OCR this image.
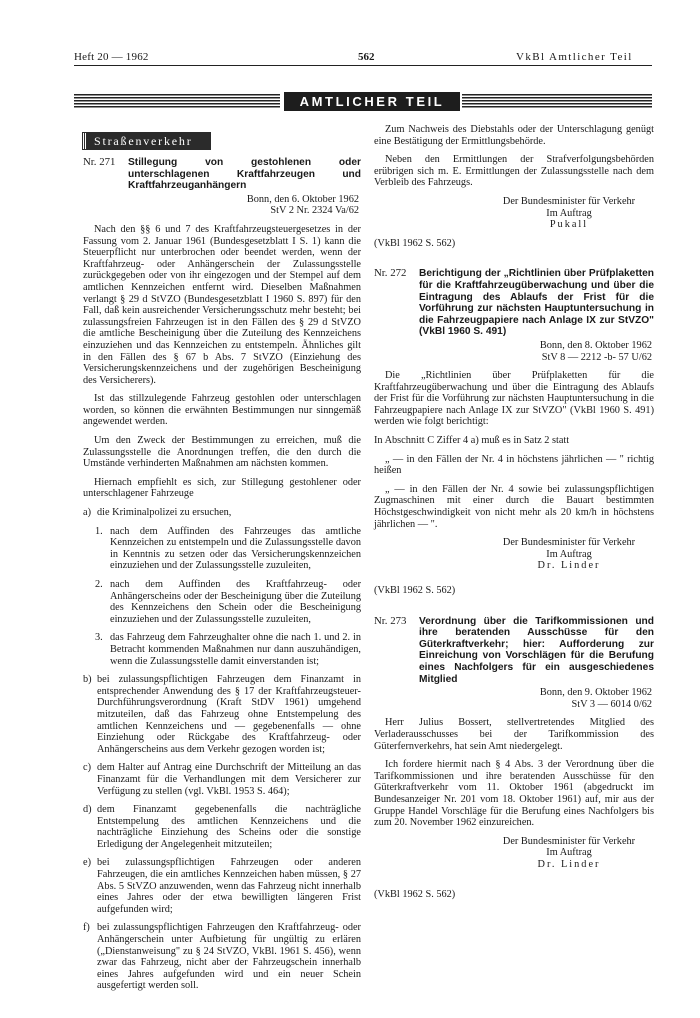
Heft 20 — 1962	562	VkBl Amtlicher Teil
AMTLICHER TEIL
Straßenverkehr
Nr. 271	Stillegung von gestohlenen oder unterschlagenen Kraftfahrzeugen und Kraftfahrzeuganhängern

Bonn, den 6. Oktober 1962

StV 2 Nr. 2324 Va/62

Nach den §§ 6 und 7 des Kraftfahrzeugsteuergesetzes in der Fassung vom 2. Januar 1961 (Bundesgesetzblatt I S. 1) kann die Steuerpflicht nur unterbrochen oder beendet werden, wenn der Kraftfahrzeug- oder Anhängerschein der Zulassungsstelle zurückgegeben oder von ihr eingezogen und der Stempel auf dem amtlichen Kennzeichen entfernt wird. Dieselben Maßnahmen verlangt § 29 d StVZO (Bundesgesetzblatt I 1960 S. 897) für den Fall, daß kein ausreichender Versicherungsschutz mehr besteht; bei zulassungsfreien Fahrzeugen ist in den Fällen des § 29 d StVZO die amtliche Bescheinigung über die Zuteilung des Kennzeichens einzuziehen und das Kennzeichen zu entstempeln. Ähnliches gilt in den Fällen des § 67 b Abs. 7 StVZO (Einziehung des Versicherungskennzeichens und der zugehörigen Bescheinigung des Versicherers).

Ist das stillzulegende Fahrzeug gestohlen oder unterschlagen worden, so können die erwähnten Bestimmungen nur sinngemäß angewendet werden.

Um den Zweck der Bestimmungen zu erreichen, muß die Zulassungsstelle die Anordnungen treffen, die den durch die Umstände verhinderten Maßnahmen am nächsten kommen.

Hiernach empfiehlt es sich, zur Stillegung gestohlener oder unterschlagener Fahrzeuge

a) die Kriminalpolizei zu ersuchen,
1. nach dem Auffinden des Fahrzeuges das amtliche Kennzeichen zu entstempeln und die Zulassungsstelle davon in Kenntnis zu setzen oder das Versicherungskennzeichen einzuziehen und der Zulassungsstelle zuzuleiten,
2. nach dem Auffinden des Kraftfahrzeug- oder Anhängerscheins oder der Bescheinigung über die Zuteilung des Kennzeichens den Schein oder die Bescheinigung einzuziehen und der Zulassungsstelle zuzuleiten,
3. das Fahrzeug dem Fahrzeughalter ohne die nach 1. und 2. in Betracht kommenden Maßnahmen nur dann auszuhändigen, wenn die Zulassungsstelle damit einverstanden ist;
b) bei zulassungspflichtigen Fahrzeugen dem Finanzamt in entsprechender Anwendung des § 17 der Kraftfahrzeugsteuer-Durchführungsverordnung (Kraft StDV 1961) umgehend mitzuteilen, daß das Fahrzeug ohne Entstempelung des amtlichen Kennzeichens und — gegebenenfalls — ohne Einziehung oder Rückgabe des Kraftfahrzeug- oder Anhängerscheins aus dem Verkehr gezogen worden ist;
c) dem Halter auf Antrag eine Durchschrift der Mitteilung an das Finanzamt für die Verhandlungen mit dem Versicherer zur Verfügung zu stellen (vgl. VkBl. 1953 S. 464);
d) dem Finanzamt gegebenenfalls die nachträgliche Entstempelung des amtlichen Kennzeichens und die nachträgliche Einziehung des Scheins oder die sonstige Erledigung der Angelegenheit mitzuteilen;
e) bei zulassungspflichtigen Fahrzeugen oder anderen Fahrzeugen, die ein amtliches Kennzeichen haben müssen, § 27 Abs. 5 StVZO anzuwenden, wenn das Fahrzeug nicht innerhalb eines Jahres oder der etwa bewilligten längeren Frist aufgefunden wird;
f) bei zulassungspflichtigen Fahrzeugen den Kraftfahrzeug- oder Anhängerschein unter Aufbietung für ungültig zu erlären („Dienstanweisung" zu § 24 StVZO, VkBl. 1961 S. 456), wenn zwar das Fahrzeug, nicht aber der Fahrzeugschein innerhalb eines Jahres aufgefunden wird und ein neuer Schein ausgefertigt werden soll.

Zum Nachweis des Diebstahls oder der Unterschlagung genügt eine Bestätigung der Ermittlungsbehörde.

Neben den Ermittlungen der Strafverfolgungsbehörden erübrigen sich m. E. Ermittlungen der Zulassungsstelle nach dem Verbleib des Fahrzeugs.

Der Bundesminister für Verkehr

Im Auftrag

Pukall

(VkBl 1962 S. 562)

Nr. 272	Berichtigung der „Richtlinien über Prüfplaketten für die Kraftfahrzeugüberwachung und über die Eintragung des Ablaufs der Frist für die Vorführung zur nächsten Hauptuntersuchung in die Fahrzeugpapiere nach Anlage IX zur StVZO" (VkBl 1960 S. 491)

Bonn, den 8. Oktober 1962

StV 8 — 2212 -b- 57 U/62

Die „Richtlinien über Prüfplaketten für die Kraftfahrzeugüberwachung und über die Eintragung des Ablaufs der Frist für die Vorführung zur nächsten Hauptuntersuchung in die Fahrzeugpapiere nach Anlage IX zur StVZO" (VkBl 1960 S. 491) werden wie folgt berichtigt:

In Abschnitt C Ziffer 4 a) muß es in Satz 2 statt

„ — in den Fällen der Nr. 4 in höchstens jährlichen — " richtig heißen

„ — in den Fällen der Nr. 4 sowie bei zulassungspflichtigen Zugmaschinen mit einer durch die Bauart bestimmten Höchstgeschwindigkeit von nicht mehr als 20 km/h in höchstens jährlichen — ".

Der Bundesminister für Verkehr

Im Auftrag

Dr. Linder

(VkBl 1962 S. 562)

Nr. 273	Verordnung über die Tarifkommissionen und ihre beratenden Ausschüsse für den Güterkraftverkehr; hier: Aufforderung zur Einreichung von Vorschlägen für die Berufung eines Nachfolgers für ein ausgeschiedenes Mitglied

Bonn, den 9. Oktober 1962

StV 3 — 6014 0/62

Herr Julius Bossert, stellvertretendes Mitglied des Verladerausschusses bei der Tarifkommission des Güterfernverkehrs, hat sein Amt niedergelegt.

Ich fordere hiermit nach § 4 Abs. 3 der Verordnung über die Tarifkommissionen und ihre beratenden Ausschüsse für den Güterkraftverkehr vom 11. Oktober 1961 (abgedruckt im Bundesanzeiger Nr. 201 vom 18. Oktober 1961) auf, mir aus der Gruppe Handel Vorschläge für die Berufung eines Nachfolgers bis zum 20. November 1962 einzureichen.

Der Bundesminister für Verkehr

Im Auftrag

Dr. Linder

(VkBl 1962 S. 562)
